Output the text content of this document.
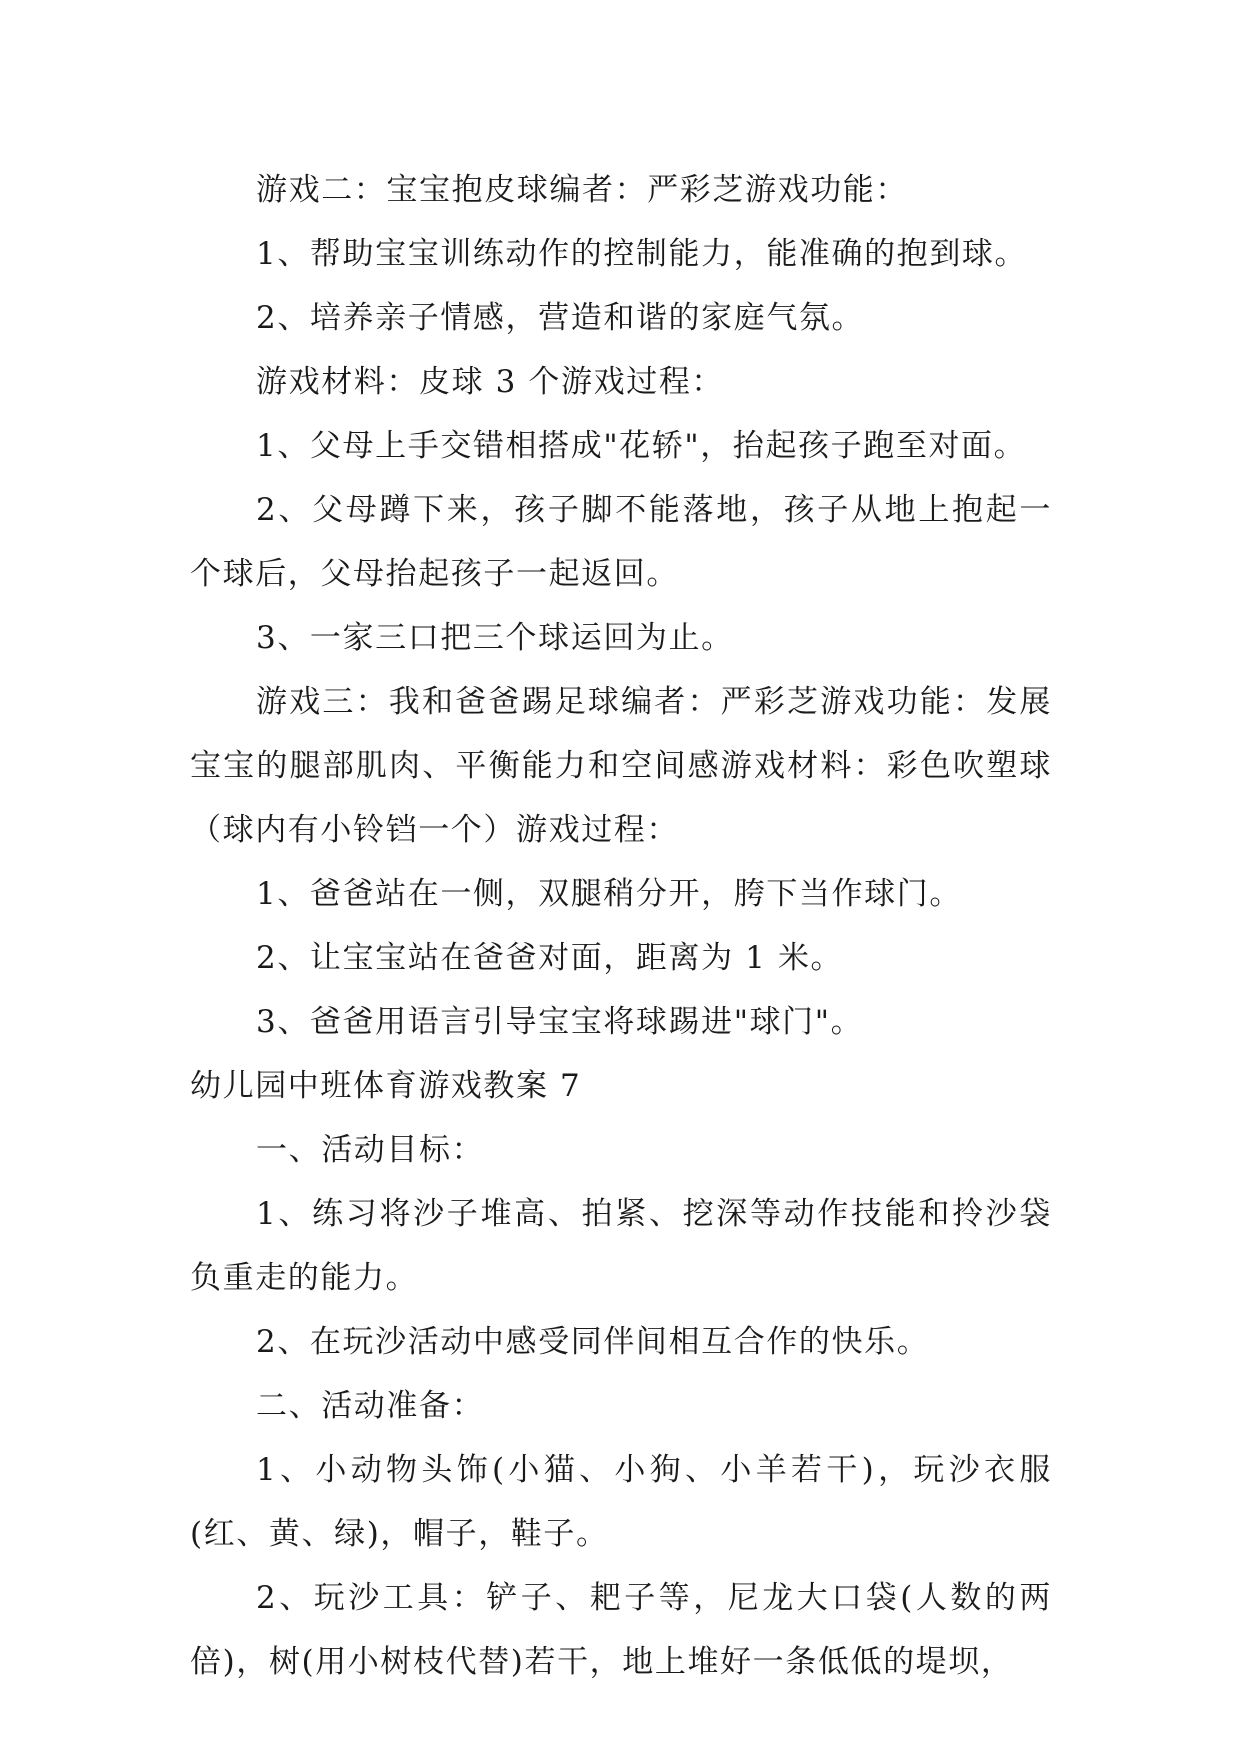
游戏二：宝宝抱皮球编者：严彩芝游戏功能：

1、帮助宝宝训练动作的控制能力，能准确的抱到球。

2、培养亲子情感，营造和谐的家庭气氛。

游戏材料：皮球 3 个游戏过程：

1、父母上手交错相搭成"花轿"，抬起孩子跑至对面。

2、父母蹲下来，孩子脚不能落地，孩子从地上抱起一个球后，父母抬起孩子一起返回。

3、一家三口把三个球运回为止。

游戏三：我和爸爸踢足球编者：严彩芝游戏功能：发展宝宝的腿部肌肉、平衡能力和空间感游戏材料：彩色吹塑球（球内有小铃铛一个）游戏过程：

1、爸爸站在一侧，双腿稍分开，胯下当作球门。

2、让宝宝站在爸爸对面，距离为 1 米。

3、爸爸用语言引导宝宝将球踢进"球门"。

幼儿园中班体育游戏教案 7

一、活动目标：

1、练习将沙子堆高、拍紧、挖深等动作技能和拎沙袋负重走的能力。

2、在玩沙活动中感受同伴间相互合作的快乐。

二、活动准备：

1、小动物头饰(小猫、小狗、小羊若干)，玩沙衣服(红、黄、绿)，帽子，鞋子。

2、玩沙工具：铲子、耙子等，尼龙大口袋(人数的两倍)，树(用小树枝代替)若干，地上堆好一条低低的堤坝，
